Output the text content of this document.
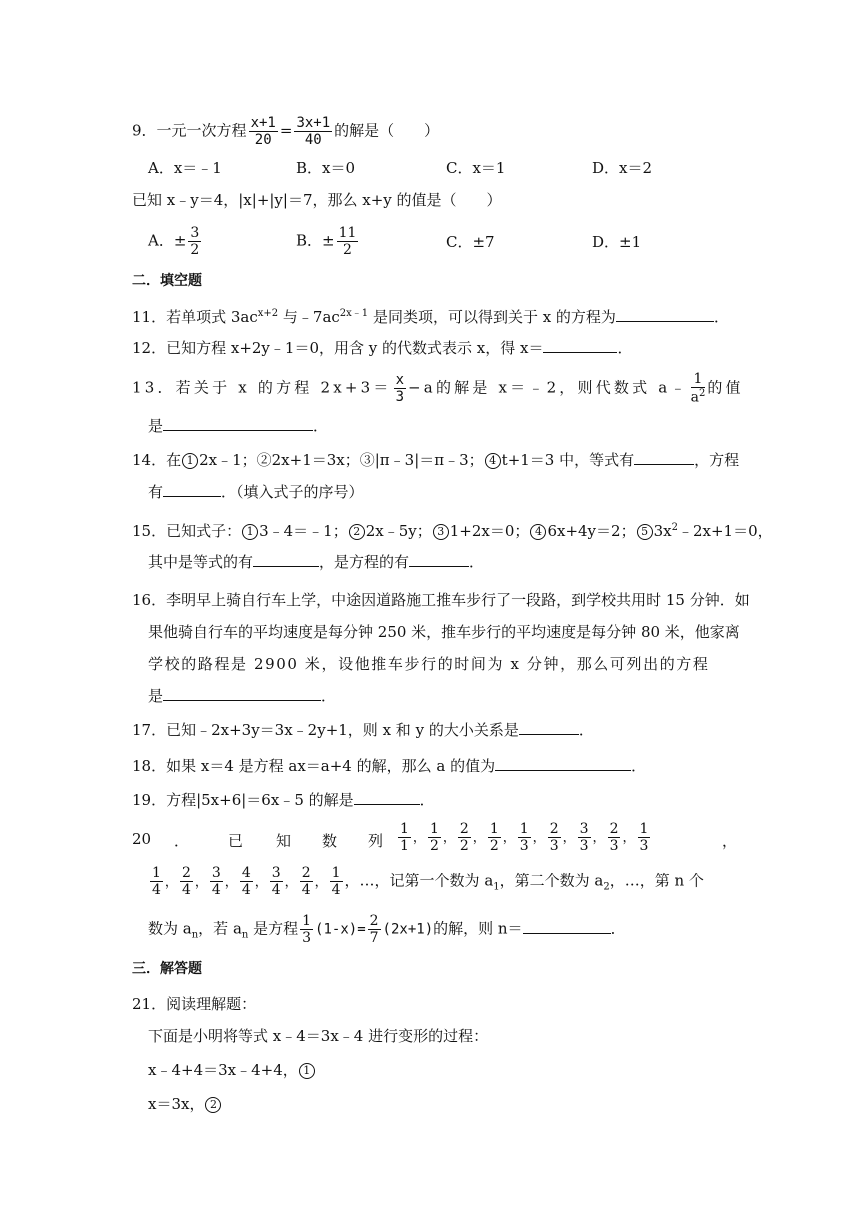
9．一元一次方程 $\frac{x+1}{20} = \frac{3x+1}{40}$ 的解是（　　）
A．x＝﹣1	B．x＝0	C．x＝1	D．x＝2
已知 x﹣y＝4，|x|+|y|＝7，那么 x+y 的值是（　　）
A．± $\frac{3}{2}$	B．± $\frac{11}{2}$	C．±7	D．±1
二．填空题
11．若单项式 $3ac^{x+2}$ 与$﹣7ac^{2x﹣1}$ 是同类项，可以得到关于 x 的方程为	．
12．已知方程 x+2y﹣1＝0，用含 y 的代数式表示 x，得 x＝	．
13．若关于 x 的方程 $2x+3= \frac{x}{3} -a$的解是 x＝﹣2，则代数式 a﹣ $\frac{1}{a^2}$ 的值
是	．
14．在 1 2x﹣1；②2x+1＝3x；③|π﹣3|＝π﹣3； 4 t+1＝3 中，等式有	，方程
有	．（填入式子的序号）
15．已知式子： 1 3﹣4＝﹣1； 2 2x﹣5y； 3 1+2x＝0； 4 6x+4y＝2； 5 $3x^2﹣2x+1=0$，
其中是等式的有	，是方程的有	．
16．李明早上骑自行车上学，中途因道路施工推车步行了一段路，到学校共用时 15 分钟．如
果他骑自行车的平均速度是每分钟 250 米，推车步行的平均速度是每分钟 80 米，他家离
学校的路程是 2900 米，设他推车步行的时间为 x 分钟，那么可列出的方程
是	．
17．已知﹣2x+3y＝3x﹣2y+1，则 x 和 y 的大小关系是	．
18．如果 x＝4 是方程 ax＝a+4 的解，那么 a 的值为	．
19．方程|5x+6|＝6x﹣5 的解是	．
20 ．	已 知 数 列 $\frac{1}{1}$ ， $\frac{1}{2}$ ， $\frac{2}{2}$ ， $\frac{1}{2}$ ， $\frac{1}{3}$ ， $\frac{2}{3}$ ， $\frac{3}{3}$ ， $\frac{2}{3}$ ， $\frac{1}{3}$	，
$\frac{1}{4}$ ， $\frac{2}{4}$ ， $\frac{3}{4}$ ， $\frac{4}{4}$ ， $\frac{3}{4}$ ， $\frac{2}{4}$ ， $\frac{1}{4}$ ，…，记第一个数为 $a_1$，第二个数为 $a_2$，…，第 n 个
数为 $a_n$，若 $a_n$ 是方程 $\frac{1}{3} (1-x)= \frac{2}{7} (2x+1)$的解，则 n＝	．
三．解答题
21．阅读理解题：
下面是小明将等式 x﹣4＝3x﹣4 进行变形的过程：
x﹣4+4＝3x﹣4+4， 1
x＝3x， 2
